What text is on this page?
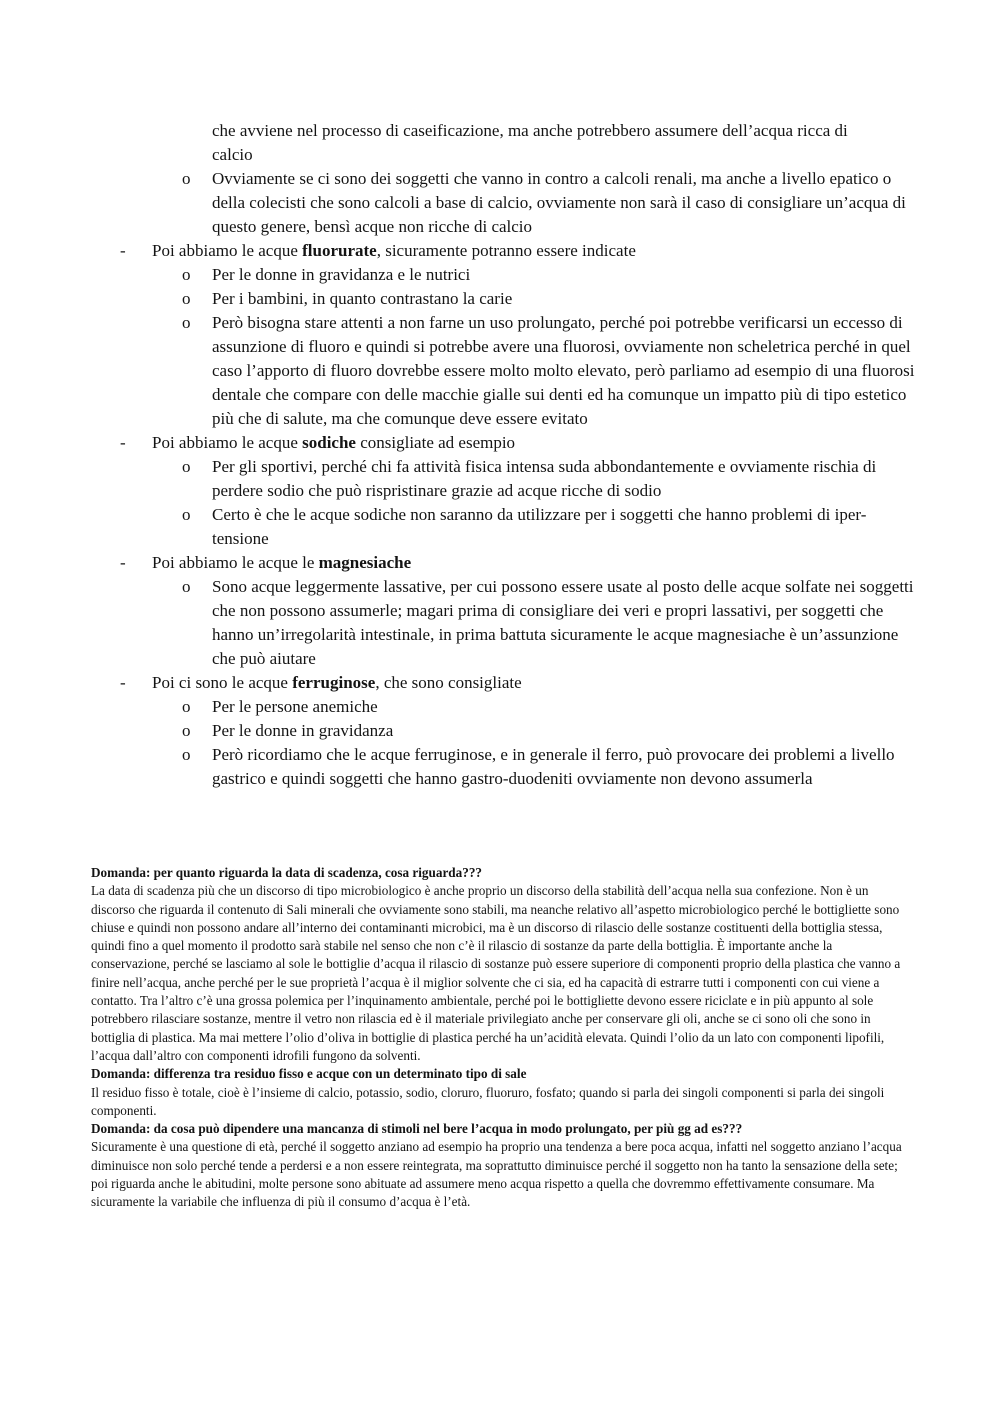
che avviene nel processo di caseificazione, ma anche potrebbero assumere dell’acqua ricca di
calcio
o Ovviamente se ci sono dei soggetti che vanno in contro a calcoli renali, ma anche a livello epatico o della colecisti che sono calcoli a base di calcio, ovviamente non sarà il caso di consigliare un’acqua di questo genere, bensì acque non ricche di calcio
- Poi abbiamo le acque fluorurate, sicuramente potranno essere indicate
o Per le donne in gravidanza e le nutrici
o Per i bambini, in quanto contrastano la carie
o Però bisogna stare attenti a non farne un uso prolungato, perché poi potrebbe verificarsi un eccesso di assunzione di fluoro e quindi si potrebbe avere una fluorosi, ovviamente non scheletrica perché in quel caso l’apporto di fluoro dovrebbe essere molto molto elevato, però parliamo ad esempio di una fluorosi dentale che compare con delle macchie gialle sui denti ed ha comunque un impatto più di tipo estetico più che di salute, ma che comunque deve essere evitato
- Poi abbiamo le acque sodiche consigliate ad esempio
o Per gli sportivi, perché chi fa attività fisica intensa suda abbondantemente e ovviamente rischia di perdere sodio che può rispristinare grazie ad acque ricche di sodio
o Certo è che le acque sodiche non saranno da utilizzare per i soggetti che hanno problemi di iper-tensione
- Poi abbiamo le acque le magnesiache
o Sono acque leggermente lassative, per cui possono essere usate al posto delle acque solfate nei soggetti che non possono assumerle; magari prima di consigliare dei veri e propri lassativi, per soggetti che hanno un’irregolarità intestinale, in prima battuta sicuramente le acque magnesiache è un’assunzione che può aiutare
- Poi ci sono le acque ferruginose, che sono consigliate
o Per le persone anemiche
o Per le donne in gravidanza
o Però ricordiamo che le acque ferruginose, e in generale il ferro, può provocare dei problemi a livello gastrico e quindi soggetti che hanno gastro-duodeniti ovviamente non devono assumerla

Domanda: per quanto riguarda la data di scadenza, cosa riguarda???

La data di scadenza più che un discorso di tipo microbiologico è anche proprio un discorso della stabilità dell’acqua nella sua confezione. Non è un discorso che riguarda il contenuto di Sali minerali che ovviamente sono stabili, ma neanche relativo all’aspetto microbiologico perché le bottigliette sono chiuse e quindi non possono andare all’interno dei contaminanti microbici, ma è un discorso di rilascio delle sostanze costituenti della bottiglia stessa, quindi fino a quel momento il prodotto sarà stabile nel senso che non c’è il rilascio di sostanze da parte della bottiglia. È importante anche la conservazione, perché se lasciamo al sole le bottiglie d’acqua il rilascio di sostanze può essere superiore di componenti proprio della plastica che vanno a finire nell’acqua, anche perché per le sue proprietà l’acqua è il miglior solvente che ci sia, ed ha capacità di estrarre tutti i componenti con cui viene a contatto. Tra l’altro c’è una grossa polemica per l’inquinamento ambientale, perché poi le bottigliette devono essere riciclate e in più appunto al sole potrebbero rilasciare sostanze, mentre il vetro non rilascia ed è il materiale privilegiato anche per conservare gli oli, anche se ci sono oli che sono in bottiglia di plastica. Ma mai mettere l’olio d’oliva in bottiglie di plastica perché ha un’acidità elevata. Quindi l’olio da un lato con componenti lipofili, l’acqua dall’altro con componenti idrofili fungono da solventi.

Domanda: differenza tra residuo fisso e acque con un determinato tipo di sale

Il residuo fisso è totale, cioè è l’insieme di calcio, potassio, sodio, cloruro, fluoruro, fosfato; quando si parla dei singoli componenti si parla dei singoli componenti.

Domanda: da cosa può dipendere una mancanza di stimoli nel bere l’acqua in modo prolungato, per più gg ad es???

Sicuramente è una questione di età, perché il soggetto anziano ad esempio ha proprio una tendenza a bere poca acqua, infatti nel soggetto anziano l’acqua diminuisce non solo perché tende a perdersi e a non essere reintegrata, ma soprattutto diminuisce perché il soggetto non ha tanto la sensazione della sete; poi riguarda anche le abitudini, molte persone sono abituate ad assumere meno acqua rispetto a quella che dovremmo effettivamente consumare. Ma sicuramente la variabile che influenza di più il consumo d’acqua è l’età.
